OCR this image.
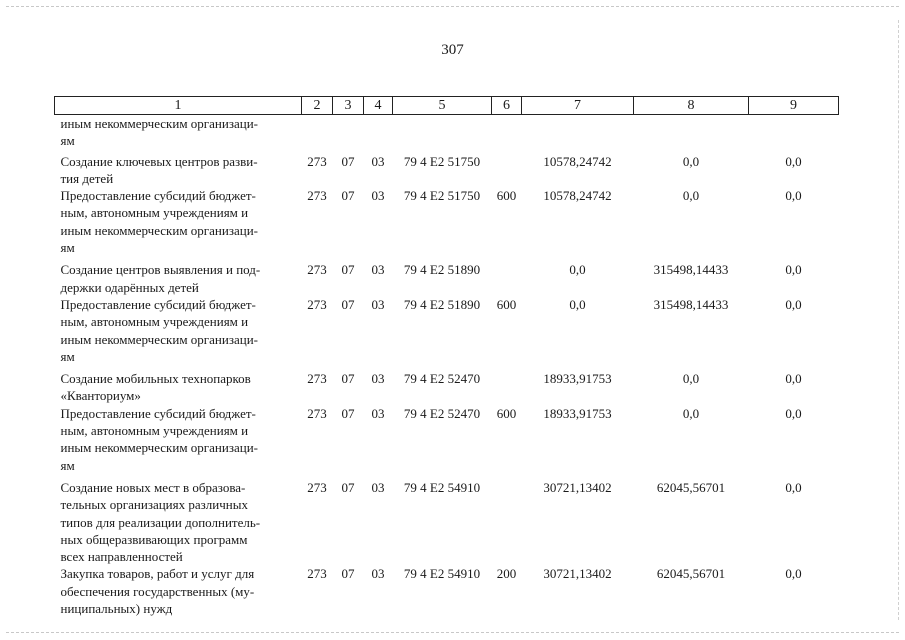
307
1	2	3	4	5	6	7	8	9
иным некоммерческим организаци-
ям								
Создание ключевых центров разви-
тия детей	273	07	03	79 4 Е2 51750		10578,24742	0,0	0,0
Предоставление субсидий бюджет-
ным, автономным учреждениям и
иным некоммерческим организаци-
ям	273	07	03	79 4 Е2 51750	600	10578,24742	0,0	0,0
Создание центров выявления и под-
держки одарённых детей	273	07	03	79 4 Е2 51890		0,0	315498,14433	0,0
Предоставление субсидий бюджет-
ным, автономным учреждениям и
иным некоммерческим организаци-
ям	273	07	03	79 4 Е2 51890	600	0,0	315498,14433	0,0
Создание мобильных технопарков
«Кванториум»	273	07	03	79 4 Е2 52470		18933,91753	0,0	0,0
Предоставление субсидий бюджет-
ным, автономным учреждениям и
иным некоммерческим организаци-
ям	273	07	03	79 4 Е2 52470	600	18933,91753	0,0	0,0
Создание новых мест в образова-
тельных организациях различных
типов для реализации дополнитель-
ных общеразвивающих программ
всех направленностей	273	07	03	79 4 Е2 54910		30721,13402	62045,56701	0,0
Закупка товаров, работ и услуг для
обеспечения государственных (му-
ниципальных) нужд	273	07	03	79 4 Е2 54910	200	30721,13402	62045,56701	0,0
